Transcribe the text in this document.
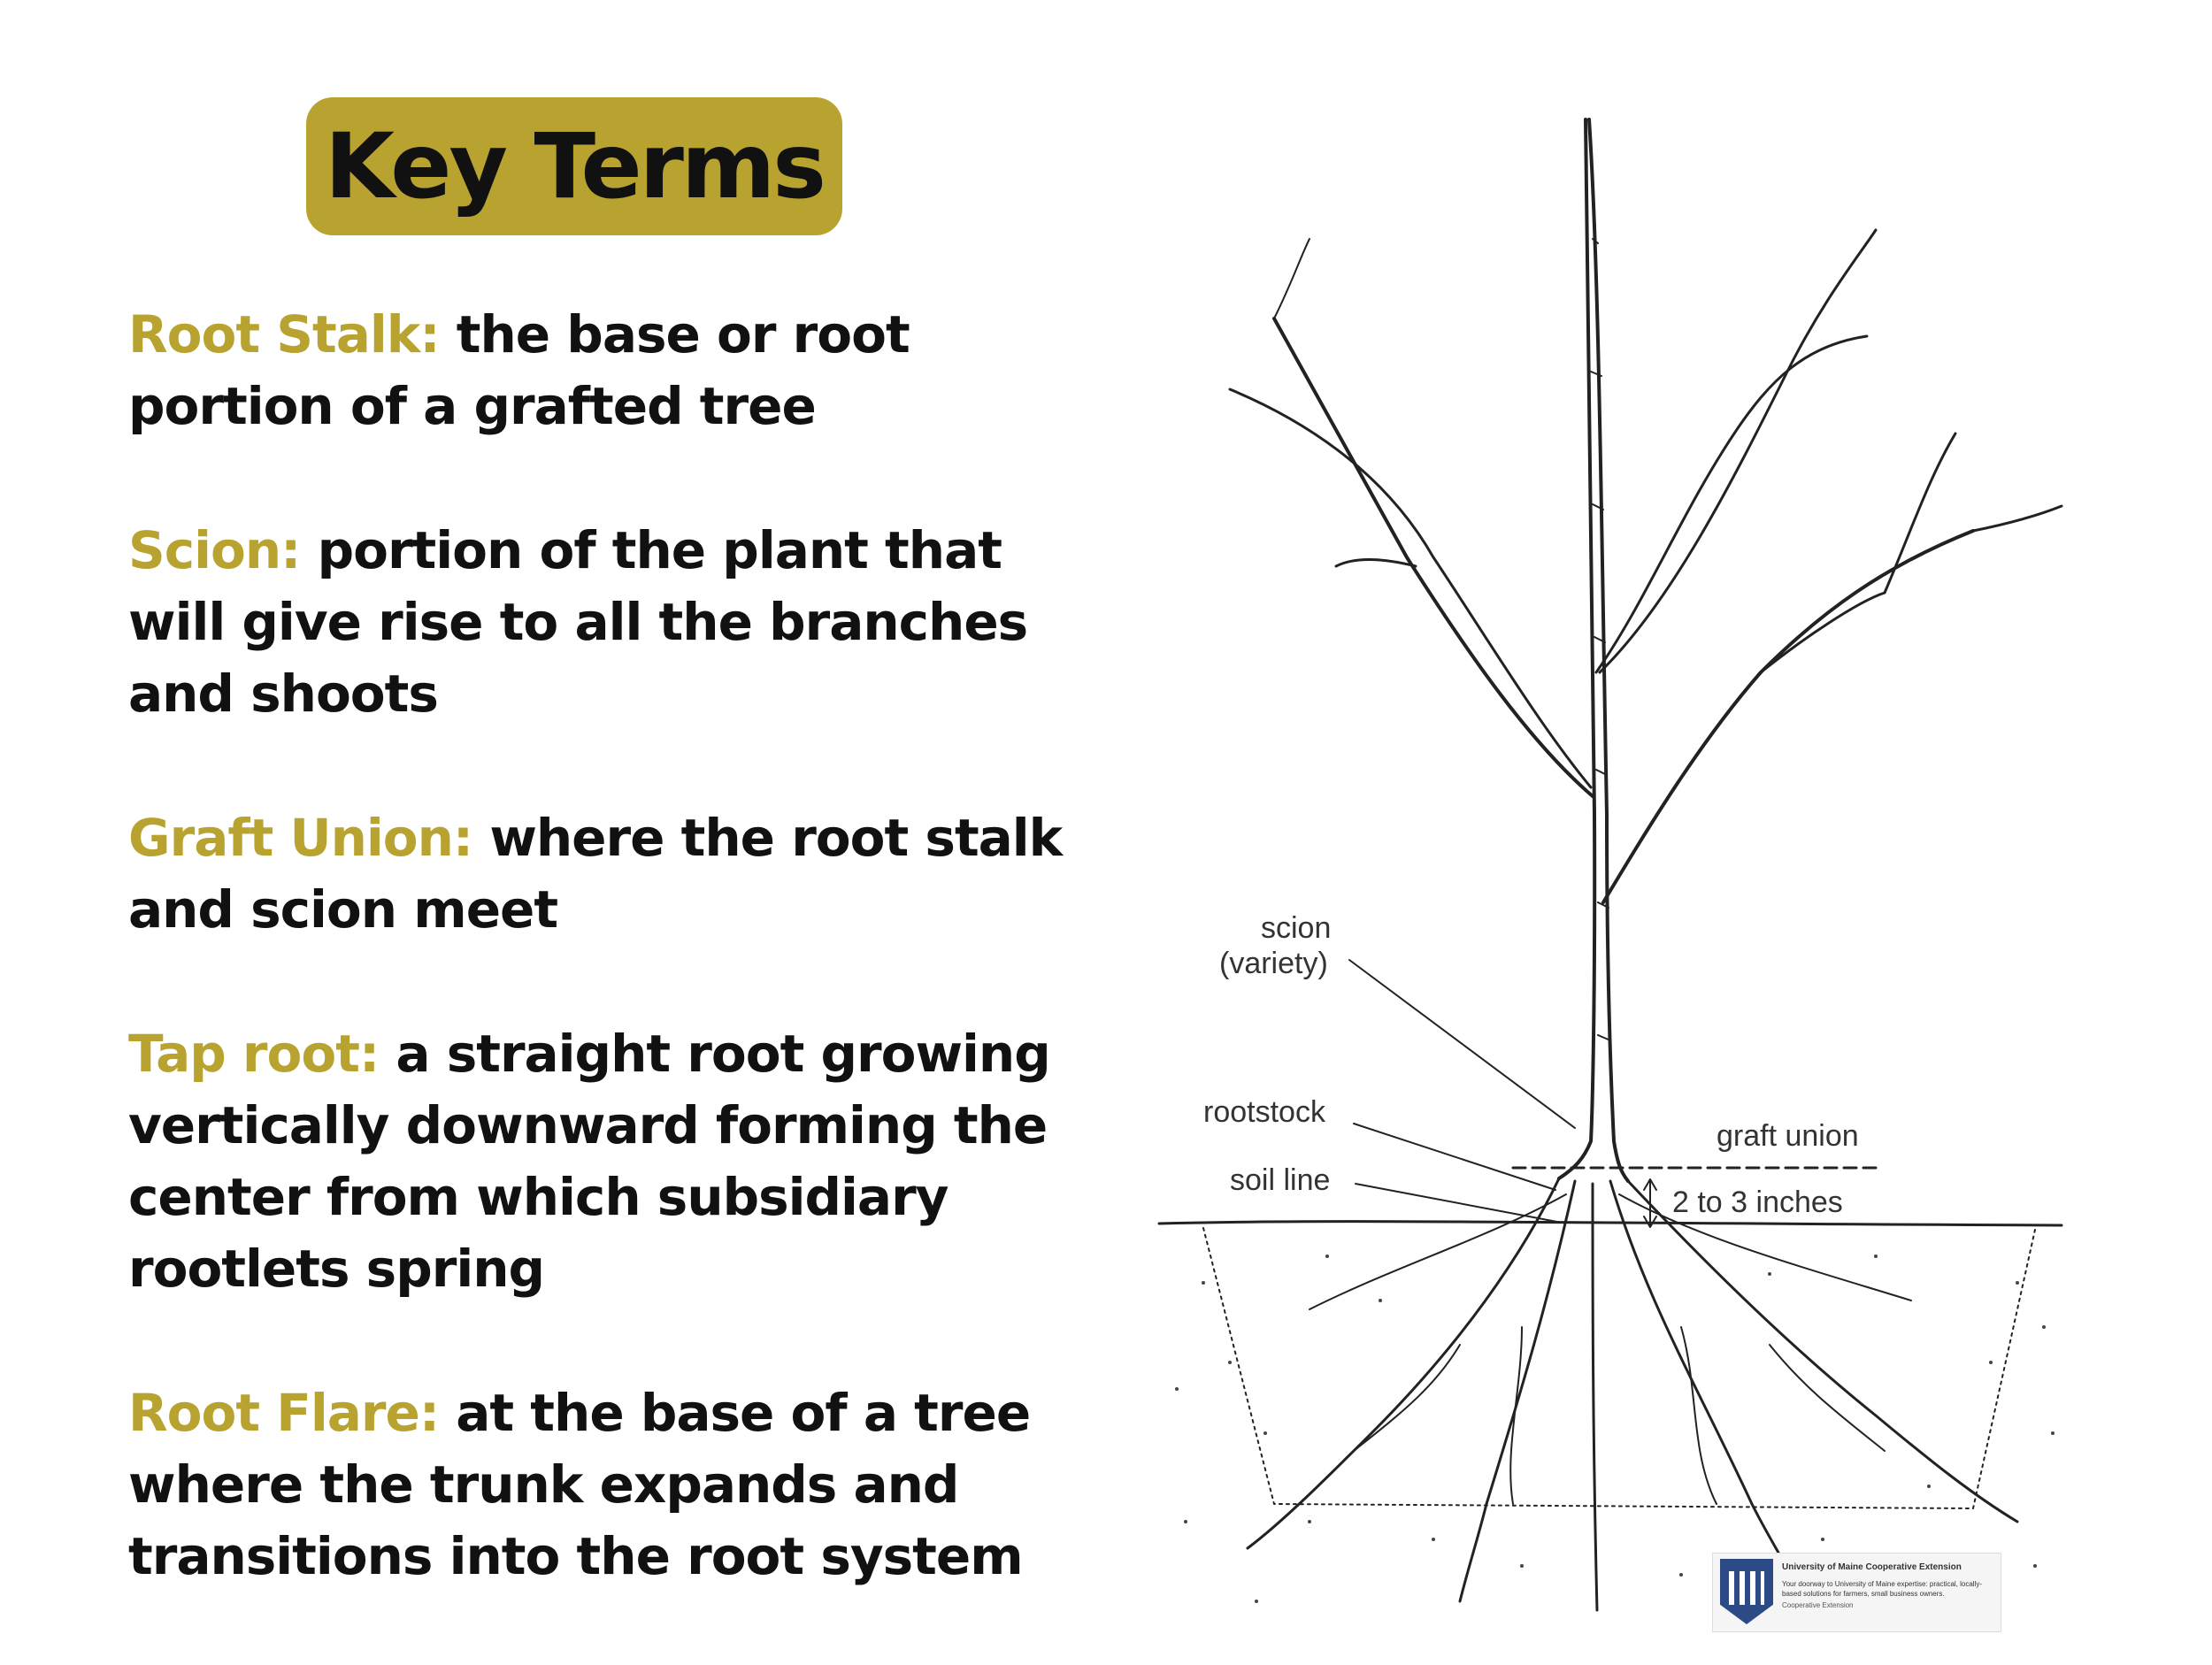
Key Terms

Root Stalk: the base or root portion of a grafted tree

Scion: portion of the plant that will give rise to all the branches and shoots

Graft Union: where the root stalk and scion meet

Tap root: a straight root growing vertically downward forming the center from which subsidiary rootlets spring

Root Flare: at the base of a tree where the trunk expands and transitions into the root system

scion
(variety)
rootstock
soil line
graft union
2 to 3 inches
University of Maine Cooperative Extension
Your doorway to University of Maine expertise: practical, locally-based solutions for farmers, small business owners.
Cooperative Extension
